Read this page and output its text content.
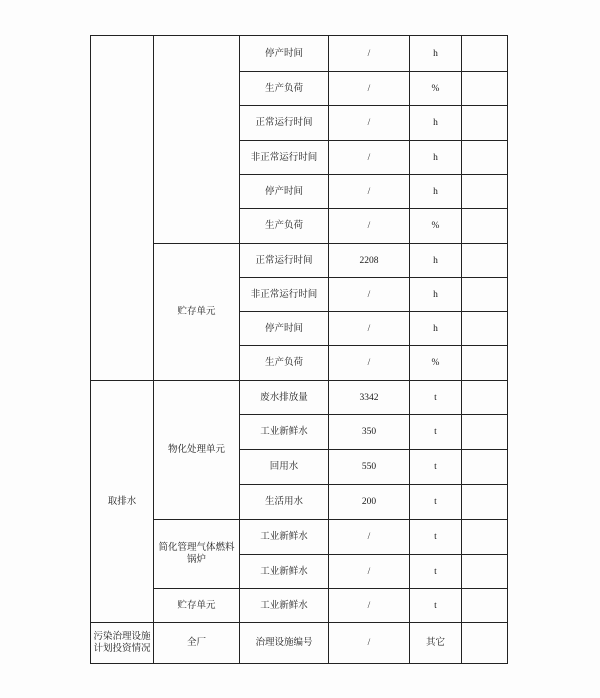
		停产时间	/	h	
		生产负荷	/	%	
		正常运行时间	/	h	
		非正常运行时间	/	h	
		停产时间	/	h	
		生产负荷	/	%	
	贮存单元	正常运行时间	2208	h	
		非正常运行时间	/	h	
		停产时间	/	h	
		生产负荷	/	%	
取排水	物化处理单元	废水排放量	3342	t	
		工业新鲜水	350	t	
		回用水	550	t	
		生活用水	200	t	
	简化管理气体燃料锅炉	工业新鲜水	/	t	
		工业新鲜水	/	t	
	贮存单元	工业新鲜水	/	t	
污染治理设施计划投资情况	全厂	治理设施编号	/	其它	
